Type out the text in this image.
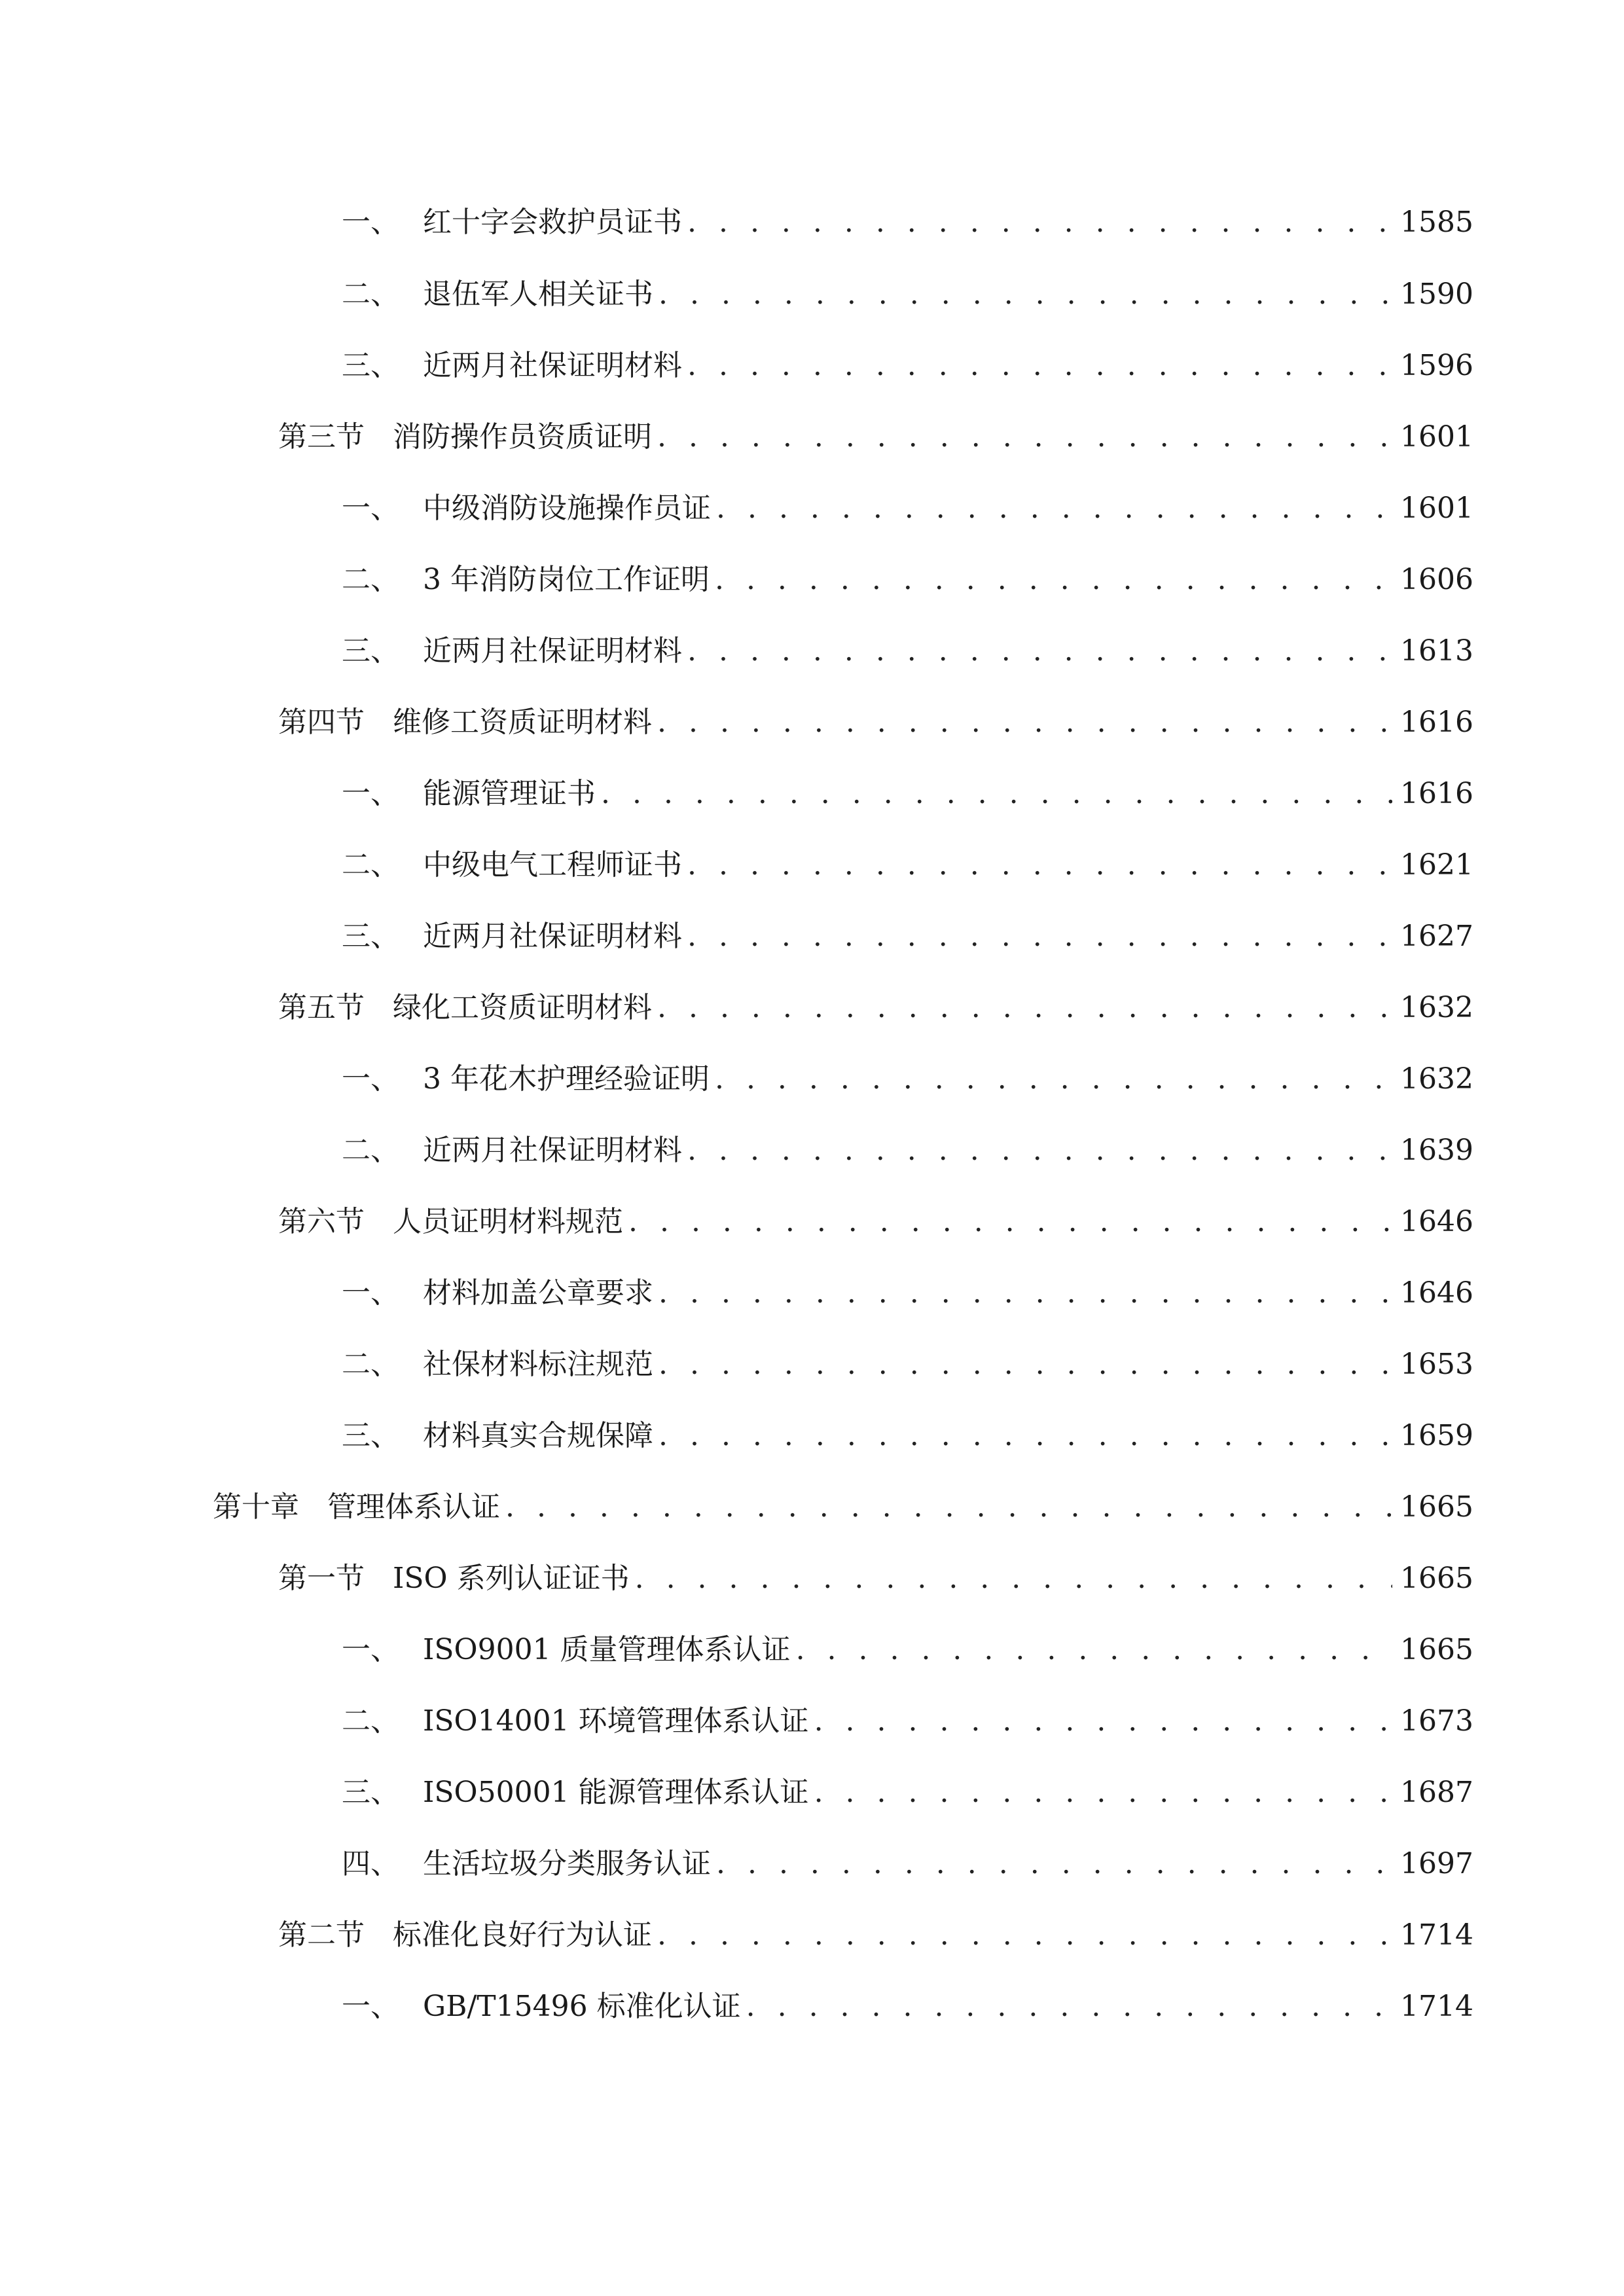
一、 红十字会救护员证书 . . .	1585
二、 退伍军人相关证书 . . .	1590
三、 近两月社保证明材料 . . .	1596
第三节 消防操作员资质证明 . . .	1601
一、 中级消防设施操作员证 . . .	1601
二、 3 年消防岗位工作证明 . . .	1606
三、 近两月社保证明材料 . . .	1613
第四节 维修工资质证明材料 . . .	1616
一、 能源管理证书 . . .	1616
二、 中级电气工程师证书 . . .	1621
三、 近两月社保证明材料 . . .	1627
第五节 绿化工资质证明材料 . . .	1632
一、 3 年花木护理经验证明 . . .	1632
二、 近两月社保证明材料 . . .	1639
第六节 人员证明材料规范 . . .	1646
一、 材料加盖公章要求 . . .	1646
二、 社保材料标注规范 . . .	1653
三、 材料真实合规保障 . . .	1659
第十章 管理体系认证 . . .	1665
第一节 ISO 系列认证证书 . . .	1665
一、 ISO9001 质量管理体系认证 . . .	1665
二、 ISO14001 环境管理体系认证 . . .	1673
三、 ISO50001 能源管理体系认证 . . .	1687
四、 生活垃圾分类服务认证 . . .	1697
第二节 标准化良好行为认证 . . .	1714
一、 GB/T15496 标准化认证 . . .	1714
